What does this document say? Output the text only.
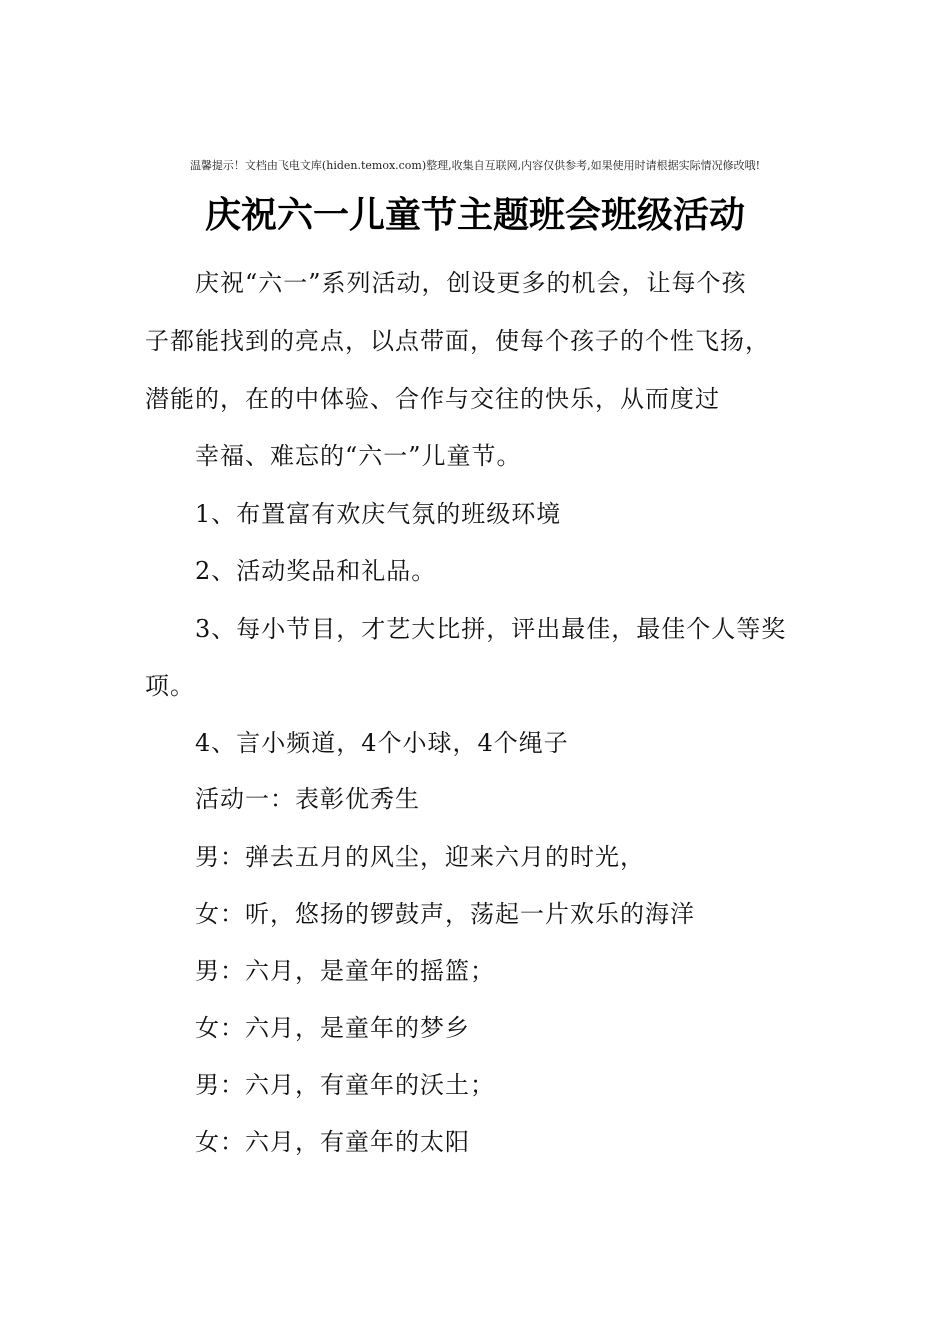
温馨提示！文档由飞电文库(hiden.temox.com)整理,收集自互联网,内容仅供参考,如果使用时请根据实际情况修改哦!
庆祝六一儿童节主题班会班级活动
庆祝“六一”系列活动，创设更多的机会，让每个孩
子都能找到的亮点，以点带面，使每个孩子的个性飞扬，
潜能的，在的中体验、合作与交往的快乐，从而度过
幸福、难忘的“六一”儿童节。
1、布置富有欢庆气氛的班级环境
2、活动奖品和礼品。
3、每小节目，才艺大比拼，评出最佳，最佳个人等奖
项。
4、言小频道，4个小球，4个绳子
活动一：表彰优秀生
男：弹去五月的风尘，迎来六月的时光，
女：听，悠扬的锣鼓声，荡起一片欢乐的海洋
男：六月，是童年的摇篮；
女：六月，是童年的梦乡
男：六月，有童年的沃土；
女：六月，有童年的太阳
